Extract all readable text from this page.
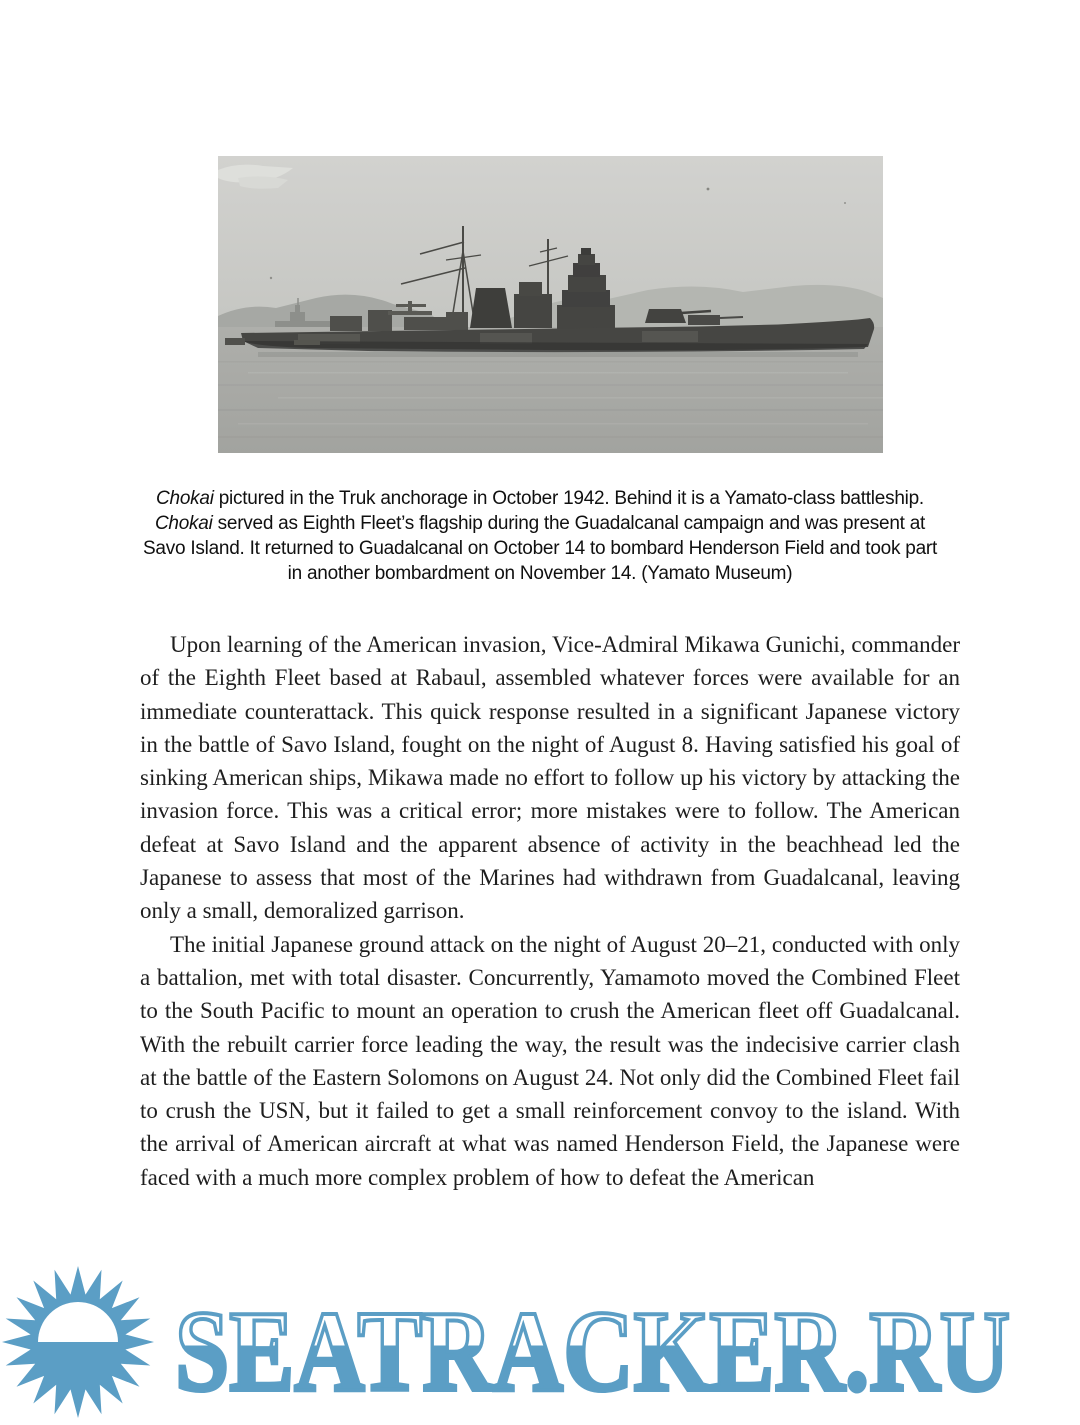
Chokai pictured in the Truk anchorage in October 1942. Behind it is a Yamato-class battleship. Chokai served as Eighth Fleet’s flagship during the Guadalcanal campaign and was present at Savo Island. It returned to Guadalcanal on October 14 to bombard Henderson Field and took part in another bombardment on November 14. (Yamato Museum)

Upon learning of the American invasion, Vice-Admiral Mikawa Gunichi, commander of the Eighth Fleet based at Rabaul, assembled whatever forces were available for an immediate counterattack. This quick response resulted in a significant Japanese victory in the battle of Savo Island, fought on the night of August 8. Having satisfied his goal of sinking American ships, Mikawa made no effort to follow up his victory by attacking the invasion force. This was a critical error; more mistakes were to follow. The American defeat at Savo Island and the apparent absence of activity in the beachhead led the Japanese to assess that most of the Marines had withdrawn from Guadalcanal, leaving only a small, demoralized garrison.

The initial Japanese ground attack on the night of August 20–21, conducted with only a battalion, met with total disaster. Concurrently, Yamamoto moved the Combined Fleet to the South Pacific to mount an operation to crush the American fleet off Guadalcanal. With the rebuilt carrier force leading the way, the result was the indecisive carrier clash at the battle of the Eastern Solomons on August 24. Not only did the Combined Fleet fail to crush the USN, but it failed to get a small reinforcement convoy to the island. With the arrival of American aircraft at what was named Henderson Field, the Japanese were faced with a much more complex problem of how to defeat the American

SEATRACKER.RU
